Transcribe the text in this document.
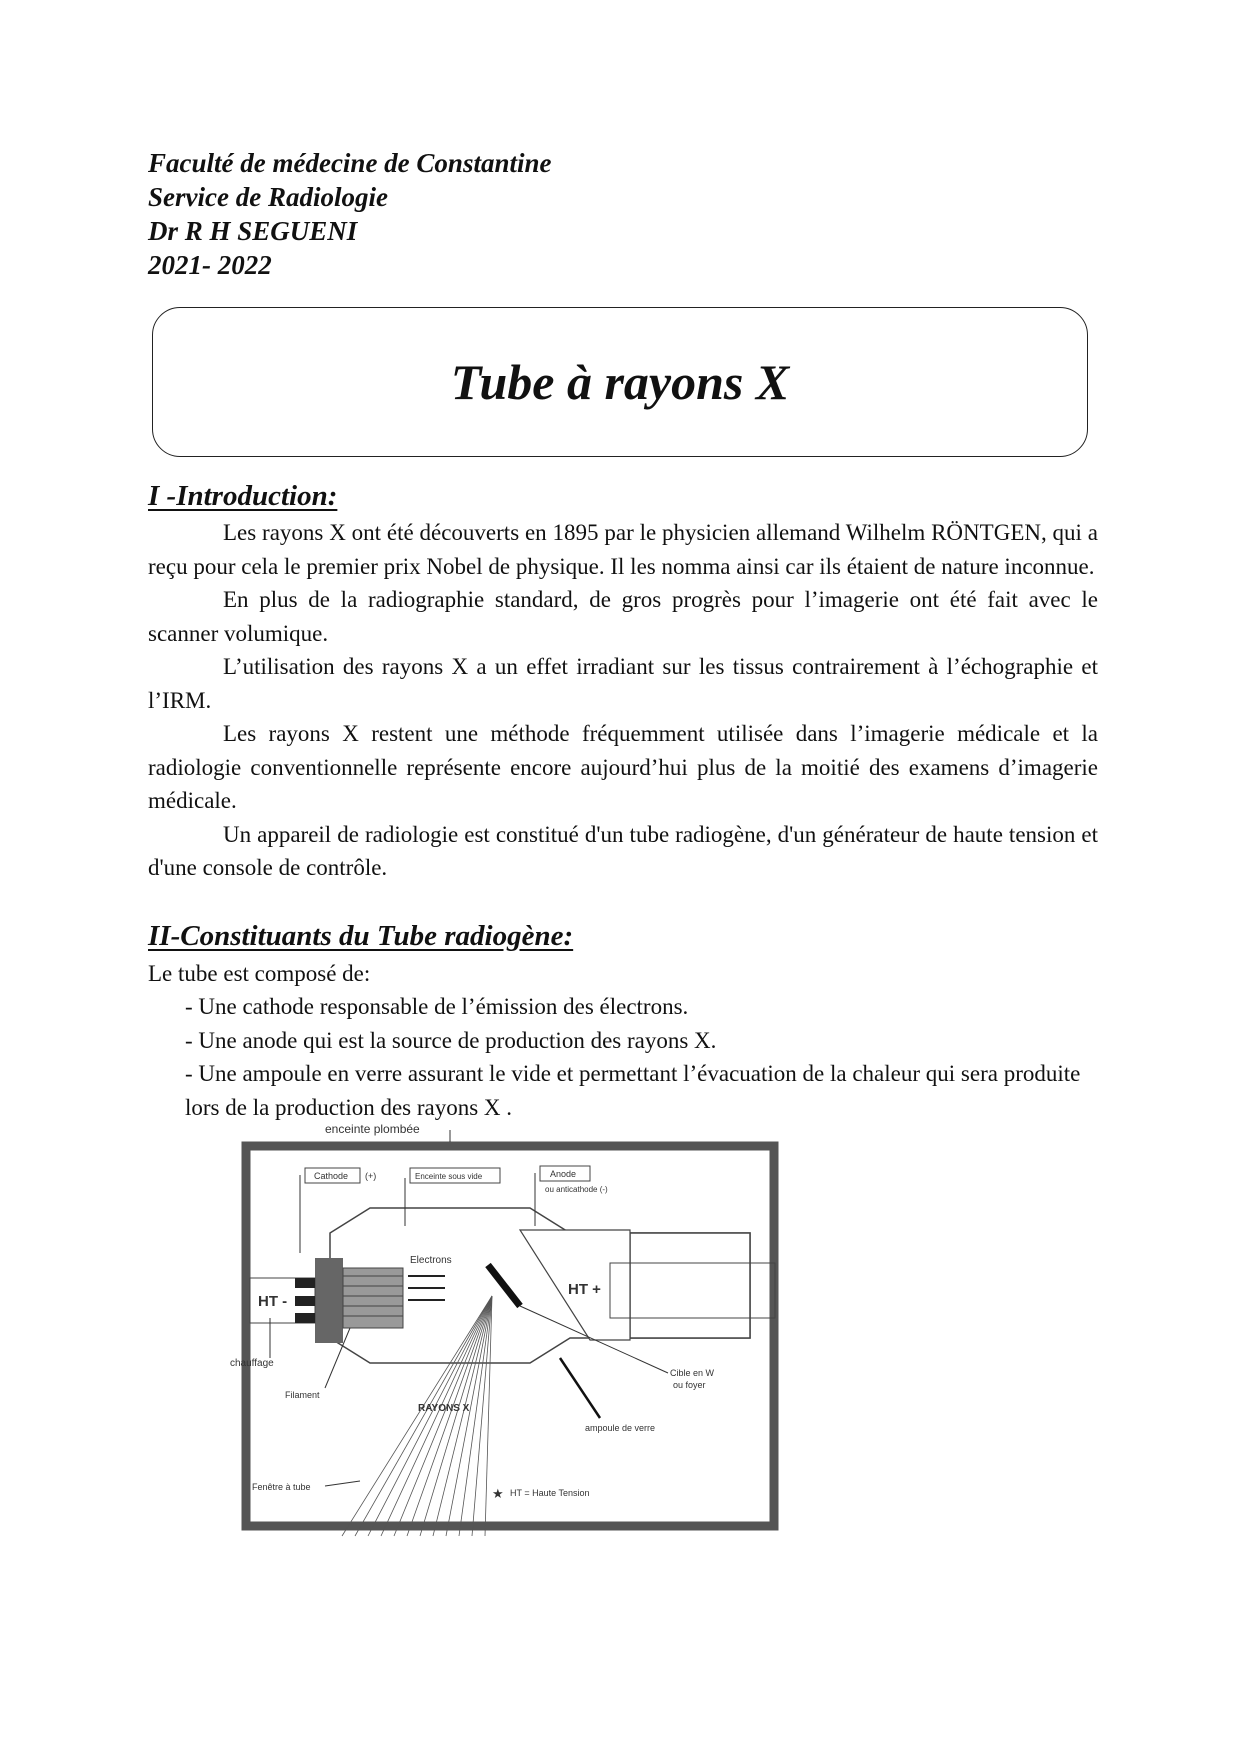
Faculté de médecine de Constantine
Service de Radiologie
Dr R H SEGUENI
2021- 2022
Tube à rayons X
I -Introduction:

Les rayons X ont été découverts en 1895 par le physicien allemand Wilhelm RÖNTGEN, qui a reçu pour cela le premier prix Nobel de physique. Il les nomma ainsi car ils étaient de nature inconnue.

En plus de la radiographie standard, de gros progrès pour l’imagerie ont été fait avec le scanner volumique.

L’utilisation des rayons X a un effet irradiant sur les tissus contrairement à l’échographie et l’IRM.

Les rayons X restent une méthode fréquemment utilisée dans l’imagerie médicale et la radiologie conventionnelle représente encore aujourd’hui plus de la moitié des examens d’imagerie médicale.

Un appareil de radiologie est constitué d'un tube radiogène, d'un générateur de haute tension et d'une console de contrôle.

II-Constituants du Tube radiogène:
Le tube est composé de:
- Une cathode responsable de l’émission des électrons.
- Une anode qui est la source de production des rayons X.
- Une ampoule en verre assurant le vide et permettant l’évacuation de la chaleur qui sera produite lors de la production des rayons X .
enceinte plombée
HT -
HT +
Electrons
Cathode (+)	Enceinte sous vide	Anode
ou anticathode (-)
RAYONS X
chauffage
Filament
Cible en W
ou foyer
ampoule de verre
Fenêtre à tube	★ HT = Haute Tension
